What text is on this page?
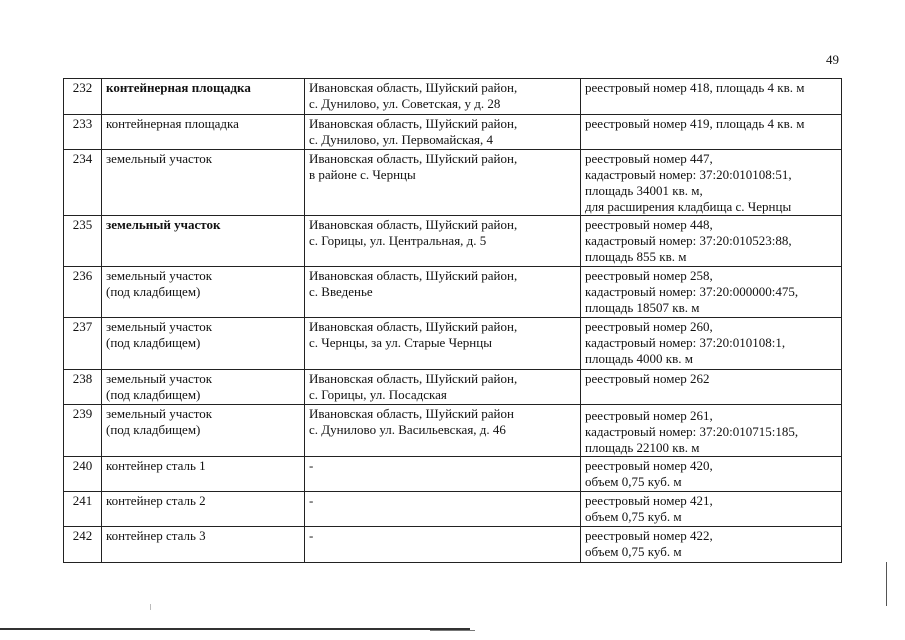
49
232	контейнерная площадка	Ивановская область, Шуйский район,
с. Дунилово, ул. Советская, у д. 28	реестровый номер 418, площадь 4 кв. м

233	контейнерная площадка	Ивановская область, Шуйский район,
с. Дунилово, ул. Первомайская, 4	реестровый номер 419, площадь 4 кв. м

234	земельный участок	Ивановская область, Шуйский район,
в районе с. Чернцы	реестровый номер 447,
кадастровый номер: 37:20:010108:51,
площадь 34001 кв. м,
для расширения кладбища с. Чернцы

235	земельный участок	Ивановская область, Шуйский район,
с. Горицы, ул. Центральная, д. 5	реестровый номер 448,
кадастровый номер: 37:20:010523:88,
площадь 855 кв. м

236	земельный участок
(под кладбищем)	Ивановская область, Шуйский район,
с. Введенье	реестровый номер 258,
кадастровый номер: 37:20:000000:475,
площадь 18507 кв. м

237	земельный участок
(под кладбищем)	Ивановская область, Шуйский район,
с. Чернцы, за ул. Старые Чернцы	реестровый номер 260,
кадастровый номер: 37:20:010108:1,
площадь 4000 кв. м

238	земельный участок
(под кладбищем)	Ивановская область, Шуйский район,
с. Горицы, ул. Посадская	реестровый номер 262

239	земельный участок
(под кладбищем)	Ивановская область, Шуйский район
с. Дунилово ул. Васильевская, д. 46	реестровый номер 261,
кадастровый номер: 37:20:010715:185,
площадь 22100 кв. м

240	контейнер сталь 1	-	реестровый номер 420,
объем 0,75 куб. м

241	контейнер сталь 2	-	реестровый номер 421,
объем 0,75 куб. м

242	контейнер сталь 3	-	реестровый номер 422,
объем 0,75 куб. м
